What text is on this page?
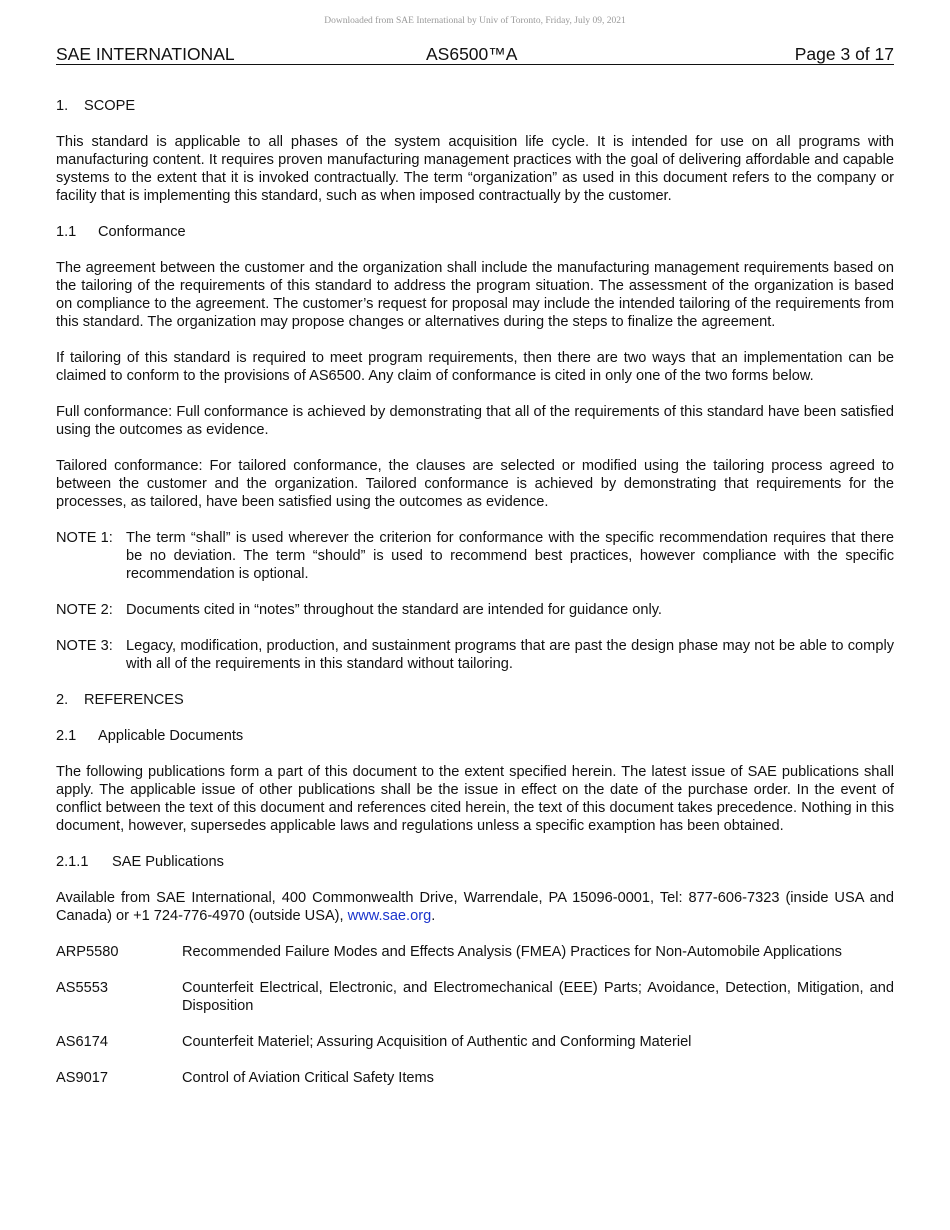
Downloaded from SAE International by Univ of Toronto, Friday, July 09, 2021
SAE INTERNATIONAL	AS6500™A	Page 3 of 17
1. SCOPE

This standard is applicable to all phases of the system acquisition life cycle. It is intended for use on all programs with manufacturing content. It requires proven manufacturing management practices with the goal of delivering affordable and capable systems to the extent that it is invoked contractually. The term “organization” as used in this document refers to the company or facility that is implementing this standard, such as when imposed contractually by the customer.

1.1 Conformance

The agreement between the customer and the organization shall include the manufacturing management requirements based on the tailoring of the requirements of this standard to address the program situation. The assessment of the organization is based on compliance to the agreement. The customer’s request for proposal may include the intended tailoring of the requirements from this standard. The organization may propose changes or alternatives during the steps to finalize the agreement.

If tailoring of this standard is required to meet program requirements, then there are two ways that an implementation can be claimed to conform to the provisions of AS6500. Any claim of conformance is cited in only one of the two forms below.

Full conformance: Full conformance is achieved by demonstrating that all of the requirements of this standard have been satisfied using the outcomes as evidence.

Tailored conformance: For tailored conformance, the clauses are selected or modified using the tailoring process agreed to between the customer and the organization. Tailored conformance is achieved by demonstrating that requirements for the processes, as tailored, have been satisfied using the outcomes as evidence.

NOTE 1: The term “shall” is used wherever the criterion for conformance with the specific recommendation requires that there be no deviation. The term “should” is used to recommend best practices, however compliance with the specific recommendation is optional.
NOTE 2: Documents cited in “notes” throughout the standard are intended for guidance only.
NOTE 3: Legacy, modification, production, and sustainment programs that are past the design phase may not be able to comply with all of the requirements in this standard without tailoring.
2. REFERENCES
2.1 Applicable Documents

The following publications form a part of this document to the extent specified herein. The latest issue of SAE publications shall apply. The applicable issue of other publications shall be the issue in effect on the date of the purchase order. In the event of conflict between the text of this document and references cited herein, the text of this document takes precedence. Nothing in this document, however, supersedes applicable laws and regulations unless a specific examption has been obtained.

2.1.1 SAE Publications

Available from SAE International, 400 Commonwealth Drive, Warrendale, PA 15096-0001, Tel: 877-606-7323 (inside USA and Canada) or +1 724-776-4970 (outside USA), www.sae.org.

ARP5580	Recommended Failure Modes and Effects Analysis (FMEA) Practices for Non-Automobile Applications
AS5553	Counterfeit Electrical, Electronic, and Electromechanical (EEE) Parts; Avoidance, Detection, Mitigation, and Disposition
AS6174	Counterfeit Materiel; Assuring Acquisition of Authentic and Conforming Materiel
AS9017	Control of Aviation Critical Safety Items
